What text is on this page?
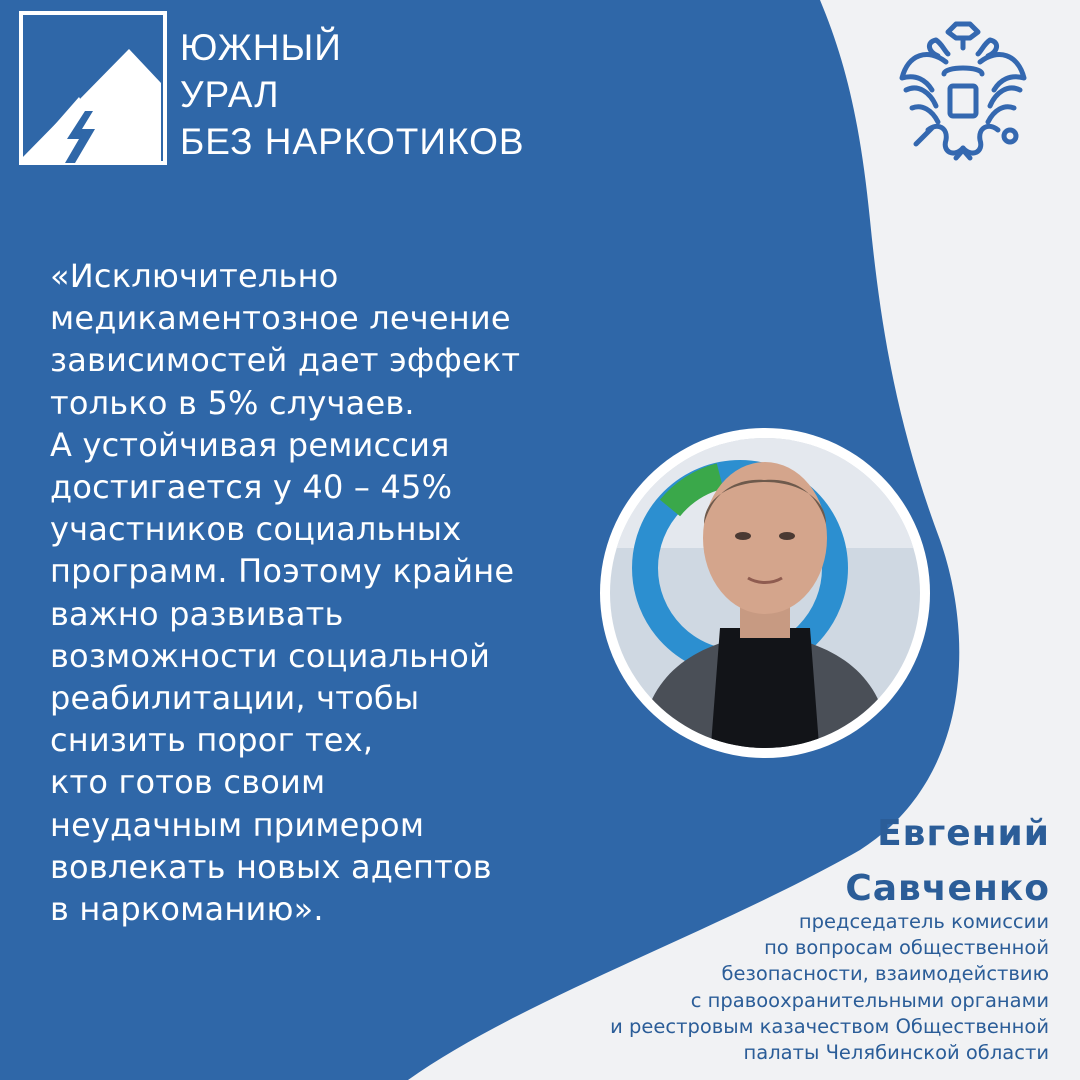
ЮЖНЫЙ
УРАЛ
БЕЗ НАРКОТИКОВ
«Исключительно
медикаментозное лечение
зависимостей дает эффект
только в 5% случаев.
А устойчивая ремиссия
достигается у 40 – 45%
участников социальных
программ. Поэтому крайне
важно развивать
возможности социальной
реабилитации, чтобы
снизить порог тех,
кто готов своим
неудачным примером
вовлекать новых адептов
в наркоманию».
Евгений
Савченко
председатель комиссии
по вопросам общественной
безопасности, взаимодействию
с правоохранительными органами
и реестровым казачеством Общественной
палаты Челябинской области
